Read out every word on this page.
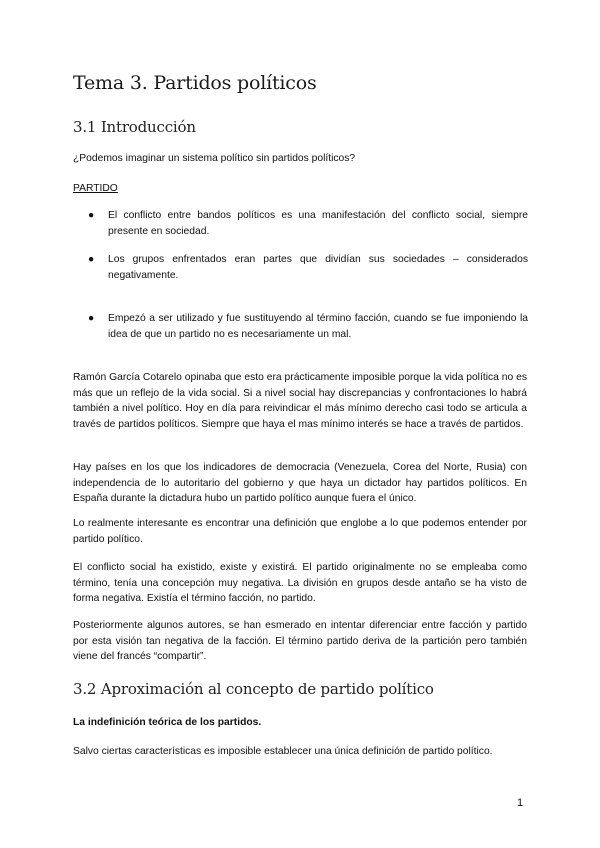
Tema 3. Partidos políticos
3.1 Introducción

¿Podemos imaginar un sistema político sin partidos políticos?

PARTIDO

● El conflicto entre bandos políticos es una manifestación del conflicto social, siempre presente en sociedad.

● Los grupos enfrentados eran partes que dividían sus sociedades – considerados negativamente.

● Empezó a ser utilizado y fue sustituyendo al término facción, cuando se fue imponiendo la idea de que un partido no es necesariamente un mal.

Ramón García Cotarelo opinaba que esto era prácticamente imposible porque la vida política no es más que un reflejo de la vida social. Si a nivel social hay discrepancias y confrontaciones lo habrá también a nivel político. Hoy en día para reivindicar el más mínimo derecho casi todo se articula a través de partidos políticos. Siempre que haya el mas mínimo interés se hace a través de partidos.

Hay países en los que los indicadores de democracia (Venezuela, Corea del Norte, Rusia) con independencia de lo autoritario del gobierno y que haya un dictador hay partidos políticos. En España durante la dictadura hubo un partido político aunque fuera el único.

Lo realmente interesante es encontrar una definición que englobe a lo que podemos entender por partido político.

El conflicto social ha existido, existe y existirá. El partido originalmente no se empleaba como término, tenía una concepción muy negativa. La división en grupos desde antaño se ha visto de forma negativa. Existía el término facción, no partido.

Posteriormente algunos autores, se han esmerado en intentar diferenciar entre facción y partido por esta visión tan negativa de la facción. El término partido deriva de la partición pero también viene del francés “compartir”.

3.2 Aproximación al concepto de partido político

La indefinición teórica de los partidos.

Salvo ciertas características es imposible establecer una única definición de partido político.

1
